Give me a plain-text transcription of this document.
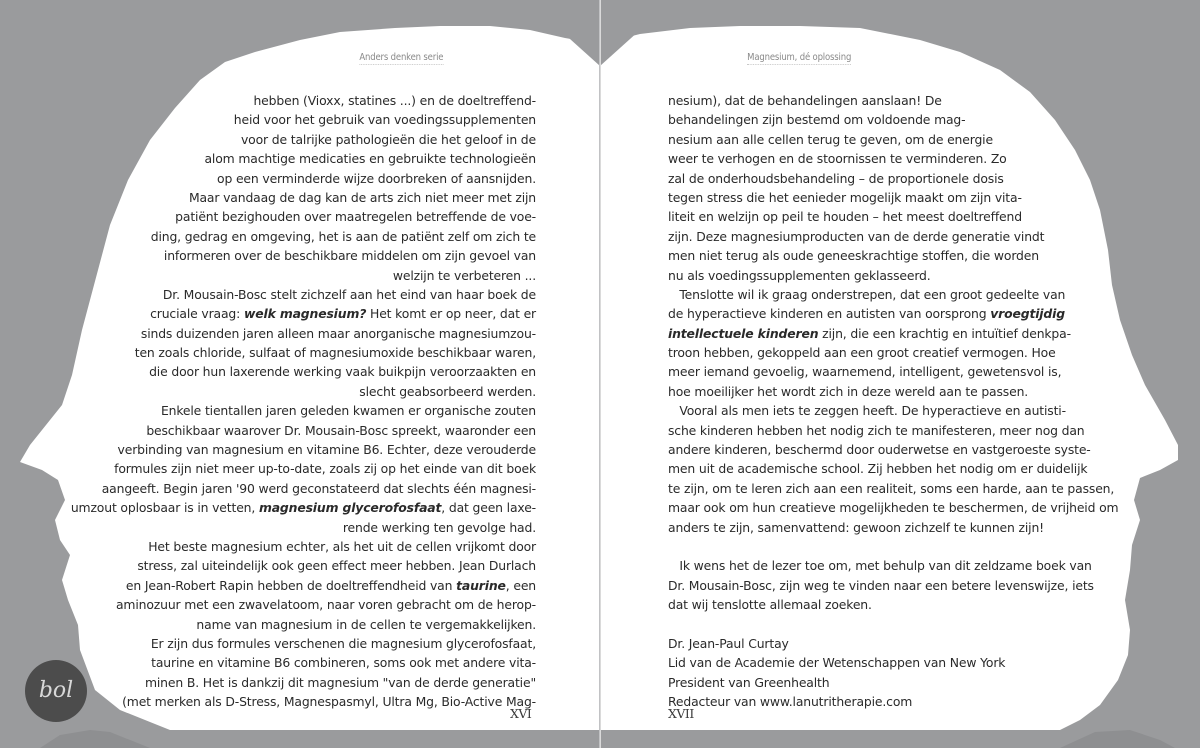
Anders denken serie	Magnesium, dé oplossing
hebben (Vioxx, statines ...) en de doeltreffend-
heid voor het gebruik van voedingssupplementen
voor de talrijke pathologieën die het geloof in de
alom machtige medicaties en gebruikte technologieën
op een verminderde wijze doorbreken of aansnijden.
Maar vandaag de dag kan de arts zich niet meer met zijn
patiënt bezighouden over maatregelen betreffende de voe-
ding, gedrag en omgeving, het is aan de patiënt zelf om zich te
informeren over de beschikbare middelen om zijn gevoel van
welzijn te verbeteren ...
Dr. Mousain-Bosc stelt zichzelf aan het eind van haar boek de
cruciale vraag: welk magnesium? Het komt er op neer, dat er
sinds duizenden jaren alleen maar anorganische magnesiumzou-
ten zoals chloride, sulfaat of magnesiumoxide beschikbaar waren,
die door hun laxerende werking vaak buikpijn veroorzaakten en
slecht geabsorbeerd werden.
Enkele tientallen jaren geleden kwamen er organische zouten
beschikbaar waarover Dr. Mousain-Bosc spreekt, waaronder een
verbinding van magnesium en vitamine B6. Echter, deze verouderde
formules zijn niet meer up-to-date, zoals zij op het einde van dit boek
aangeeft. Begin jaren '90 werd geconstateerd dat slechts één magnesi-
umzout oplosbaar is in vetten, magnesium glycerofosfaat, dat geen laxe-
rende werking ten gevolge had.
Het beste magnesium echter, als het uit de cellen vrijkomt door
stress, zal uiteindelijk ook geen effect meer hebben. Jean Durlach
en Jean-Robert Rapin hebben de doeltreffendheid van taurine, een
aminozuur met een zwavelatoom, naar voren gebracht om de herop-
name van magnesium in de cellen te vergemakkelijken.
Er zijn dus formules verschenen die magnesium glycerofosfaat,
taurine en vitamine B6 combineren, soms ook met andere vita-
minen B. Het is dankzij dit magnesium "van de derde generatie"
(met merken als D-Stress, Magnespasmyl, Ultra Mg, Bio-Active Mag-
nesium), dat de behandelingen aanslaan! De
behandelingen zijn bestemd om voldoende mag-
nesium aan alle cellen terug te geven, om de energie
weer te verhogen en de stoornissen te verminderen. Zo
zal de onderhoudsbehandeling – de proportionele dosis
tegen stress die het eenieder mogelijk maakt om zijn vita-
liteit en welzijn op peil te houden – het meest doeltreffend
zijn. Deze magnesiumproducten van de derde generatie vindt
men niet terug als oude geneeskrachtige stoffen, die worden
nu als voedingssupplementen geklasseerd.
Tenslotte wil ik graag onderstrepen, dat een groot gedeelte van
de hyperactieve kinderen en autisten van oorsprong vroegtijdig
intellectuele kinderen zijn, die een krachtig en intuïtief denkpa-
troon hebben, gekoppeld aan een groot creatief vermogen. Hoe
meer iemand gevoelig, waarnemend, intelligent, gewetensvol is,
hoe moeilijker het wordt zich in deze wereld aan te passen.
Vooral als men iets te zeggen heeft. De hyperactieve en autisti-
sche kinderen hebben het nodig zich te manifesteren, meer nog dan
andere kinderen, beschermd door ouderwetse en vastgeroeste syste-
men uit de academische school. Zij hebben het nodig om er duidelijk
te zijn, om te leren zich aan een realiteit, soms een harde, aan te passen,
maar ook om hun creatieve mogelijkheden te beschermen, de vrijheid om
anders te zijn, samenvattend: gewoon zichzelf te kunnen zijn!

Ik wens het de lezer toe om, met behulp van dit zeldzame boek van
Dr. Mousain-Bosc, zijn weg te vinden naar een betere levenswijze, iets
dat wij tenslotte allemaal zoeken.

Dr. Jean-Paul Curtay
Lid van de Academie der Wetenschappen van New York
President van Greenhealth
Redacteur van www.lanutritherapie.com
XVI	XVII
bol
